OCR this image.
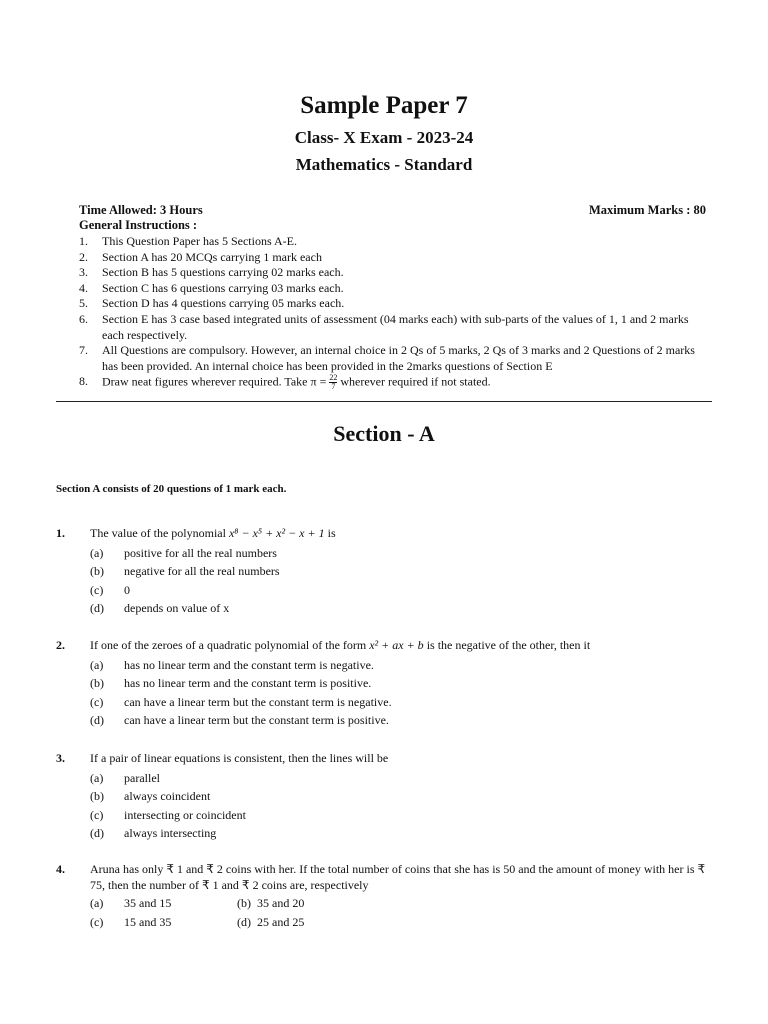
Sample Paper 7
Class- X Exam - 2023-24
Mathematics - Standard
Time Allowed: 3 Hours	Maximum Marks : 80
General Instructions :
1. This Question Paper has 5 Sections A-E.
2. Section A has 20 MCQs carrying 1 mark each
3. Section B has 5 questions carrying 02 marks each.
4. Section C has 6 questions carrying 03 marks each.
5. Section D has 4 questions carrying 05 marks each.
6. Section E has 3 case based integrated units of assessment (04 marks each) with sub-parts of the values of 1, 1 and 2 marks each respectively.
7. All Questions are compulsory. However, an internal choice in 2 Qs of 5 marks, 2 Qs of 3 marks and 2 Questions of 2 marks has been provided. An internal choice has been provided in the 2marks questions of Section E
8. Draw neat figures wherever required. Take $\pi = \frac{22}{7}$ wherever required if not stated.
Section - A
Section A consists of 20 questions of 1 mark each.
1. The value of the polynomial x⁸ − x⁵ + x² − x + 1 is
(a) positive for all the real numbers
(b) negative for all the real numbers
(c) 0
(d) depends on value of x
2. If one of the zeroes of a quadratic polynomial of the form x² + ax + b is the negative of the other, then it
(a) has no linear term and the constant term is negative.
(b) has no linear term and the constant term is positive.
(c) can have a linear term but the constant term is negative.
(d) can have a linear term but the constant term is positive.
3. If a pair of linear equations is consistent, then the lines will be
(a) parallel
(b) always coincident
(c) intersecting or coincident
(d) always intersecting
4. Aruna has only ₹ 1 and ₹ 2 coins with her. If the total number of coins that she has is 50 and the amount of money with her is ₹ 75, then the number of ₹ 1 and ₹ 2 coins are, respectively
(a) 35 and 15	(b) 35 and 20
(c) 15 and 35	(d) 25 and 25
